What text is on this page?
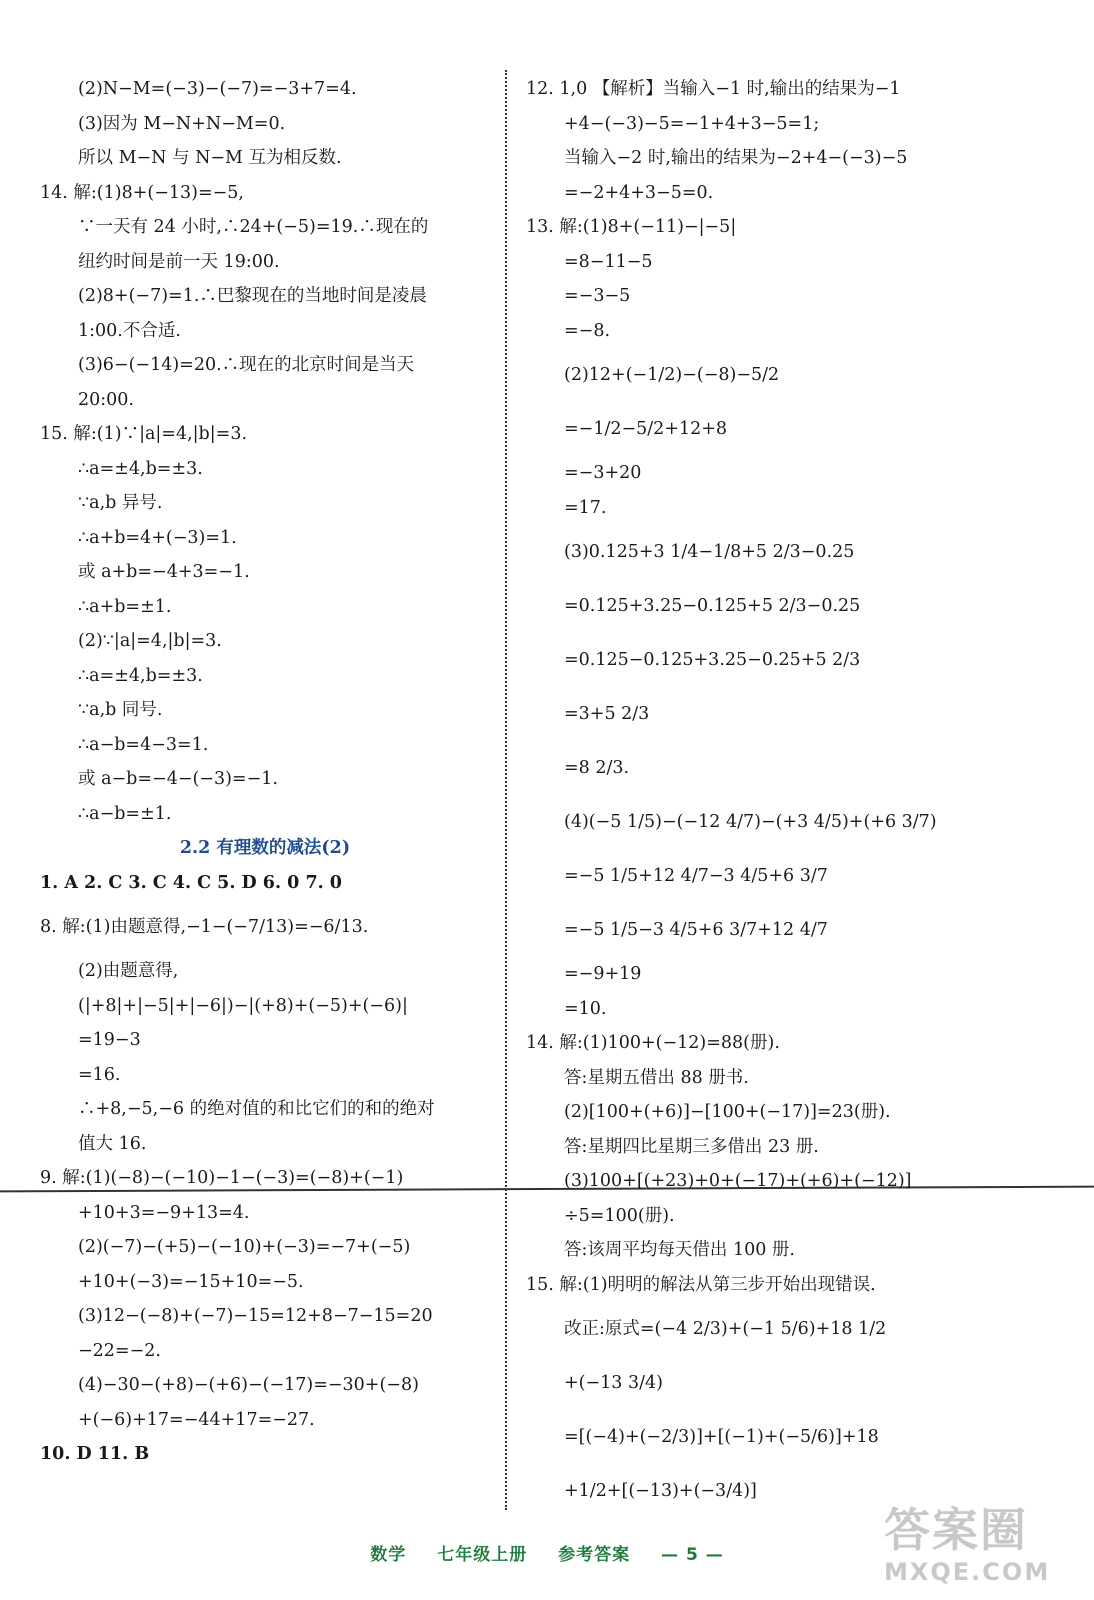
(2)N−M=(−3)−(−7)=−3+7=4.
(3)因为 M−N+N−M=0.
所以 M−N 与 N−M 互为相反数.
14. 解:(1)8+(−13)=−5,
∵一天有 24 小时,∴24+(−5)=19.∴现在的
纽约时间是前一天 19:00.
(2)8+(−7)=1.∴巴黎现在的当地时间是凌晨
1:00.不合适.
(3)6−(−14)=20.∴现在的北京时间是当天
20:00.
15. 解:(1)∵|a|=4,|b|=3.
∴a=±4,b=±3.
∵a,b 异号.
∴a+b=4+(−3)=1.
或 a+b=−4+3=−1.
∴a+b=±1.
(2)∵|a|=4,|b|=3.
∴a=±4,b=±3.
∵a,b 同号.
∴a−b=4−3=1.
或 a−b=−4−(−3)=−1.
∴a−b=±1.
2.2 有理数的减法(2)
1. A 2. C 3. C 4. C 5. D 6. 0 7. 0
8. 解:(1)由题意得,−1−(−7/13)=−6/13.
(2)由题意得,
(|+8|+|−5|+|−6|)−|(+8)+(−5)+(−6)|
=19−3
=16.
∴+8,−5,−6 的绝对值的和比它们的和的绝对
值大 16.
9. 解:(1)(−8)−(−10)−1−(−3)=(−8)+(−1)
+10+3=−9+13=4.
(2)(−7)−(+5)−(−10)+(−3)=−7+(−5)
+10+(−3)=−15+10=−5.
(3)12−(−8)+(−7)−15=12+8−7−15=20
−22=−2.
(4)−30−(+8)−(+6)−(−17)=−30+(−8)
+(−6)+17=−44+17=−27.
10. D 11. B
12. 1,0 【解析】当输入−1 时,输出的结果为−1
+4−(−3)−5=−1+4+3−5=1;
当输入−2 时,输出的结果为−2+4−(−3)−5
=−2+4+3−5=0.
13. 解:(1)8+(−11)−|−5|
=8−11−5
=−3−5
=−8.
(2)12+(−1/2)−(−8)−5/2
=−1/2−5/2+12+8
=−3+20
=17.
(3)0.125+3 1/4−1/8+5 2/3−0.25
=0.125+3.25−0.125+5 2/3−0.25
=0.125−0.125+3.25−0.25+5 2/3
=3+5 2/3
=8 2/3.
(4)(−5 1/5)−(−12 4/7)−(+3 4/5)+(+6 3/7)
=−5 1/5+12 4/7−3 4/5+6 3/7
=−5 1/5−3 4/5+6 3/7+12 4/7
=−9+19
=10.
14. 解:(1)100+(−12)=88(册).
答:星期五借出 88 册书.
(2)[100+(+6)]−[100+(−17)]=23(册).
答:星期四比星期三多借出 23 册.
(3)100+[(+23)+0+(−17)+(+6)+(−12)]
÷5=100(册).
答:该周平均每天借出 100 册.
15. 解:(1)明明的解法从第三步开始出现错误.
改正:原式=(−4 2/3)+(−1 5/6)+18 1/2
+(−13 3/4)
=[(−4)+(−2/3)]+[(−1)+(−5/6)]+18
+1/2+[(−13)+(−3/4)]
数学 七年级上册 参考答案 — 5 —	答案圈
MXQE.COM
